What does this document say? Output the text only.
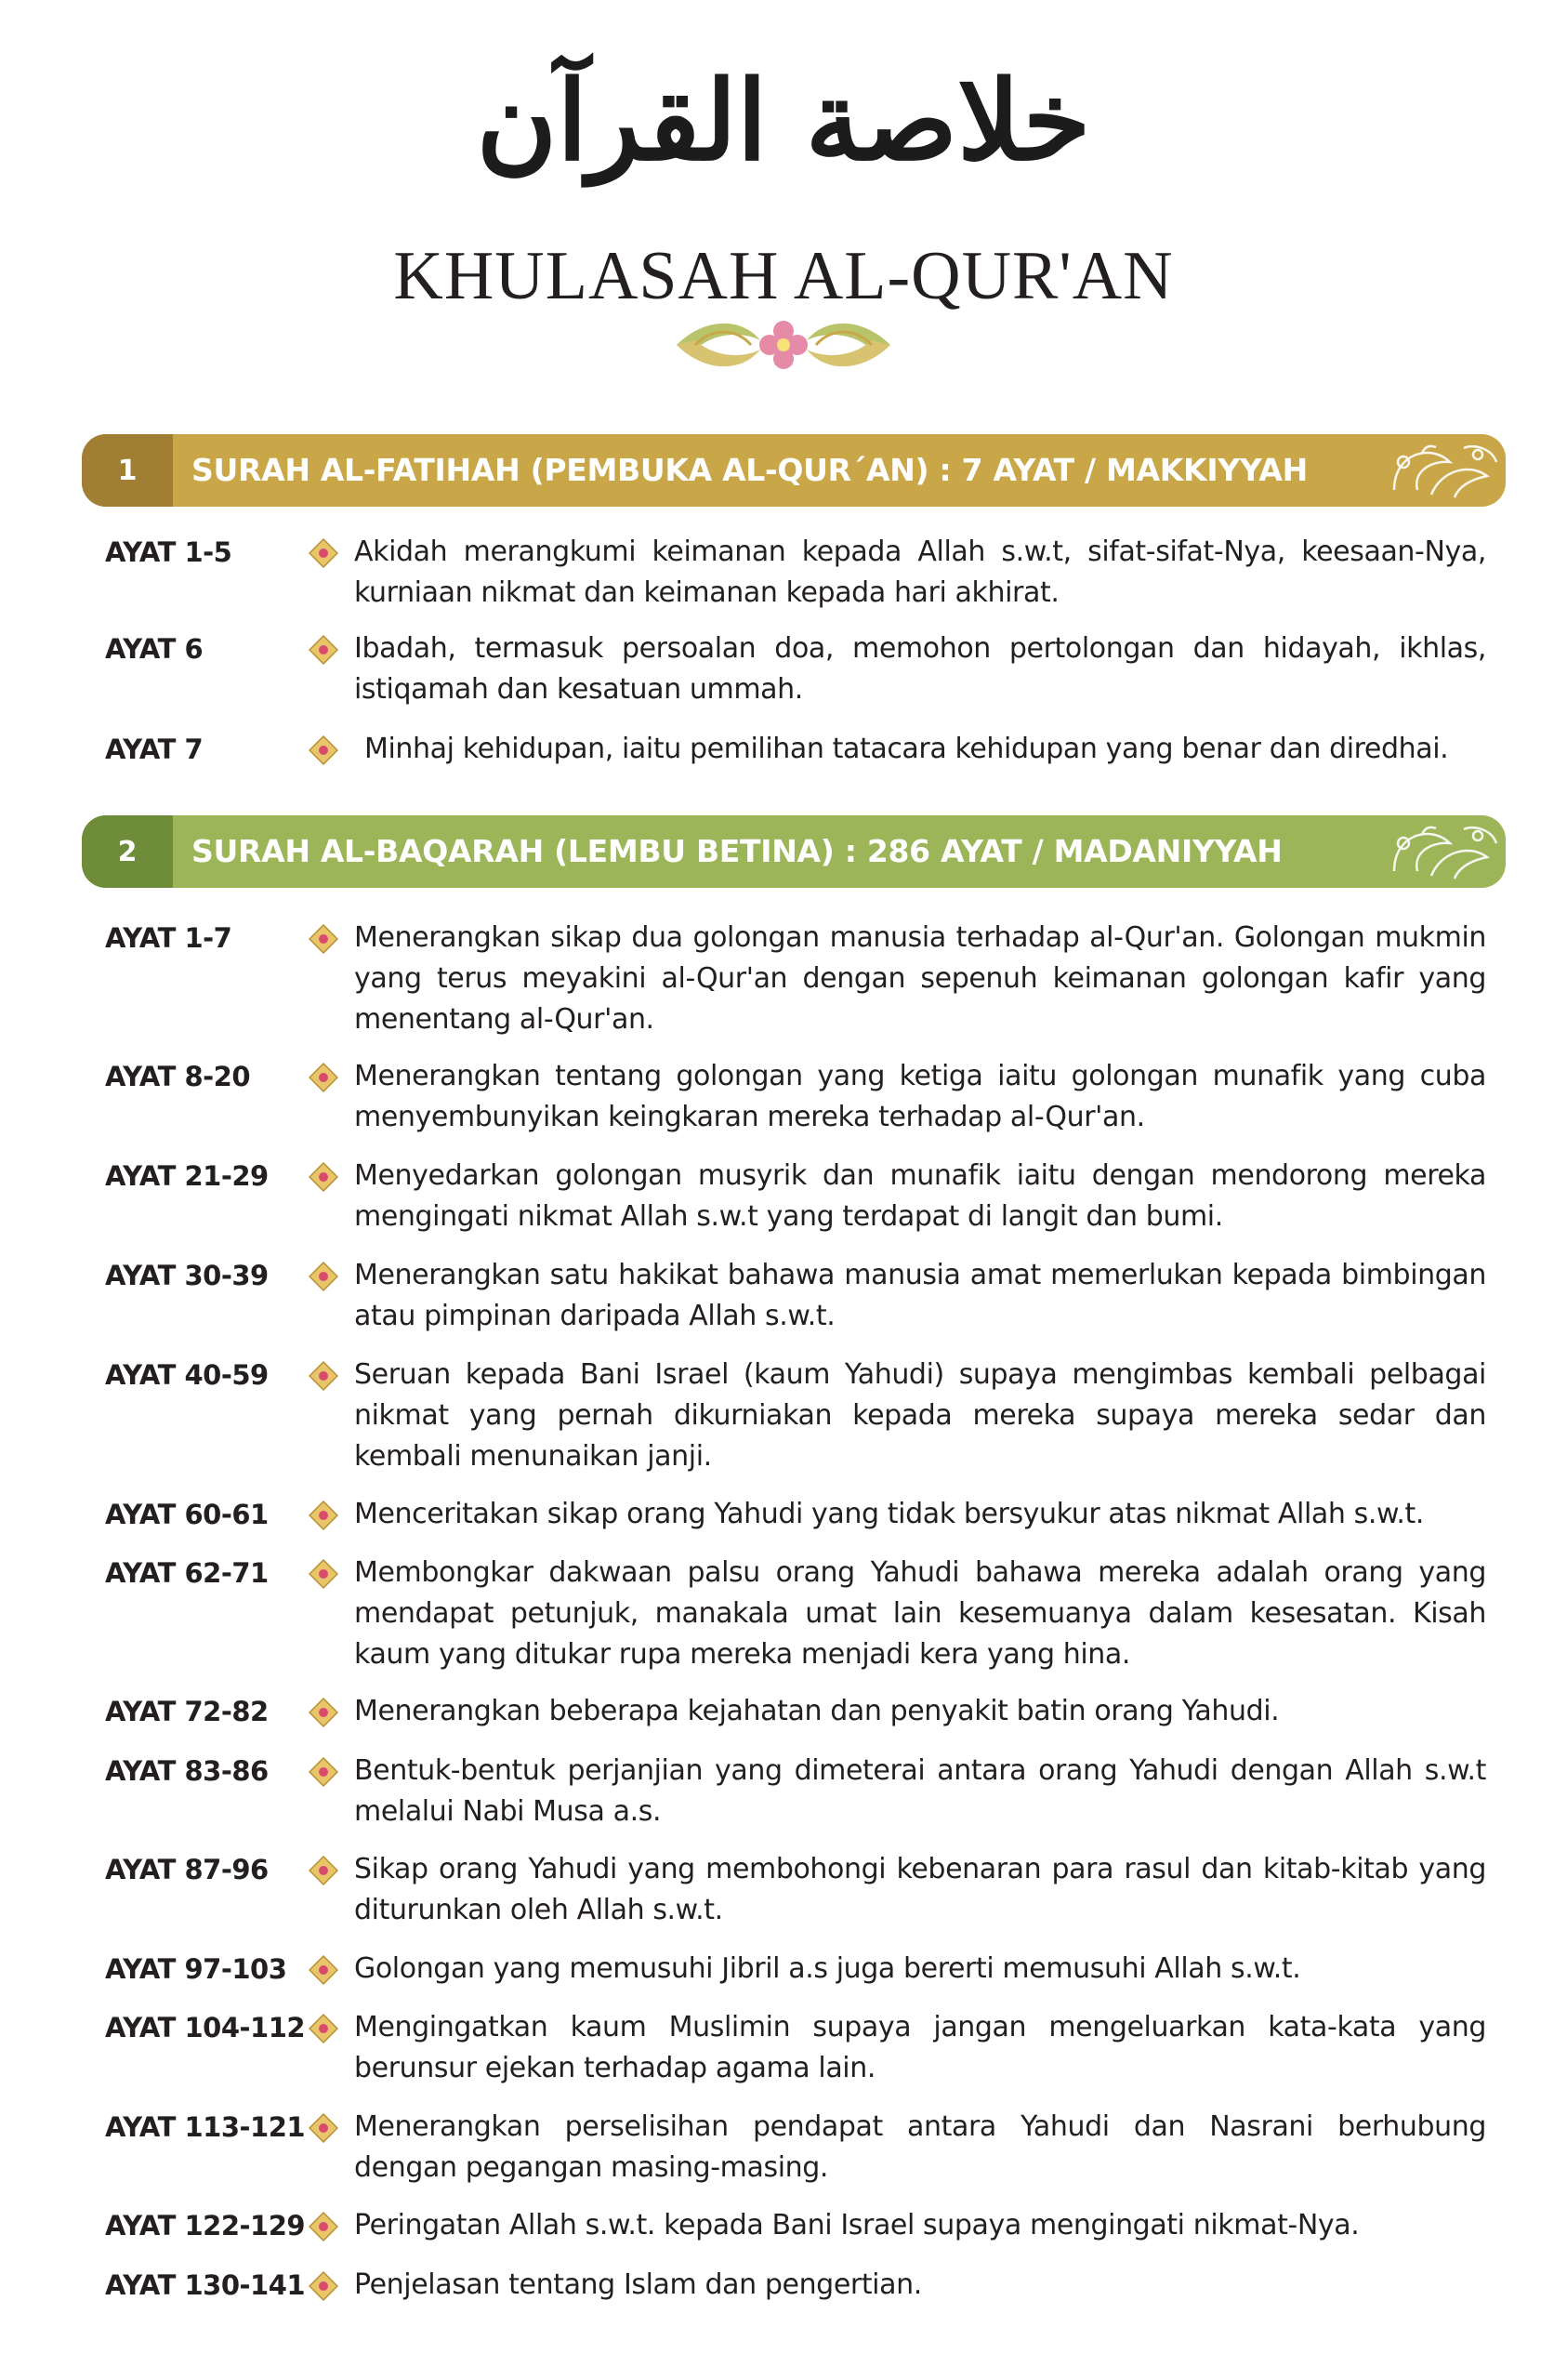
خلاصة القرآن
KHULASAH AL-QUR'AN
1	SURAH AL-FATIHAH (PEMBUKA AL-QUR´AN) : 7 AYAT / MAKKIYYAH
AYAT 1-5	Akidah merangkumi keimanan kepada Allah s.w.t, sifat-sifat-Nya, keesaan-Nya, kurniaan nikmat dan keimanan kepada hari akhirat.
AYAT 6	Ibadah, termasuk persoalan doa, memohon pertolongan dan hidayah, ikhlas, istiqamah dan kesatuan ummah.
AYAT 7	Minhaj kehidupan, iaitu pemilihan tatacara kehidupan yang benar dan diredhai.
2	SURAH AL-BAQARAH (LEMBU BETINA) : 286 AYAT / MADANIYYAH
AYAT 1-7	Menerangkan sikap dua golongan manusia terhadap al-Qur'an. Golongan mukmin yang terus meyakini al-Qur'an dengan sepenuh keimanan golongan kafir yang menentang al-Qur'an.
AYAT 8-20	Menerangkan tentang golongan yang ketiga iaitu golongan munafik yang cuba menyembunyikan keingkaran mereka terhadap al-Qur'an.
AYAT 21-29	Menyedarkan golongan musyrik dan munafik iaitu dengan mendorong mereka mengingati nikmat Allah s.w.t yang terdapat di langit dan bumi.
AYAT 30-39	Menerangkan satu hakikat bahawa manusia amat memerlukan kepada bimbingan atau pimpinan daripada Allah s.w.t.
AYAT 40-59	Seruan kepada Bani Israel (kaum Yahudi) supaya mengimbas kembali pelbagai nikmat yang pernah dikurniakan kepada mereka supaya mereka sedar dan kembali menunaikan janji.
AYAT 60-61	Menceritakan sikap orang Yahudi yang tidak bersyukur atas nikmat Allah s.w.t.
AYAT 62-71	Membongkar dakwaan palsu orang Yahudi bahawa mereka adalah orang yang mendapat petunjuk, manakala umat lain kesemuanya dalam kesesatan. Kisah kaum yang ditukar rupa mereka menjadi kera yang hina.
AYAT 72-82	Menerangkan beberapa kejahatan dan penyakit batin orang Yahudi.
AYAT 83-86	Bentuk-bentuk perjanjian yang dimeterai antara orang Yahudi dengan Allah s.w.t melalui Nabi Musa a.s.
AYAT 87-96	Sikap orang Yahudi yang membohongi kebenaran para rasul dan kitab-kitab yang diturunkan oleh Allah s.w.t.
AYAT 97-103	Golongan yang memusuhi Jibril a.s juga bererti memusuhi Allah s.w.t.
AYAT 104-112 Mengingatkan kaum Muslimin supaya jangan mengeluarkan kata-kata yang berunsur ejekan terhadap agama lain.
AYAT 113-121 Menerangkan perselisihan pendapat antara Yahudi dan Nasrani berhubung dengan pegangan masing-masing.
AYAT 122-129 Peringatan Allah s.w.t. kepada Bani Israel supaya mengingati nikmat-Nya.
AYAT 130-141 Penjelasan tentang Islam dan pengertian.
